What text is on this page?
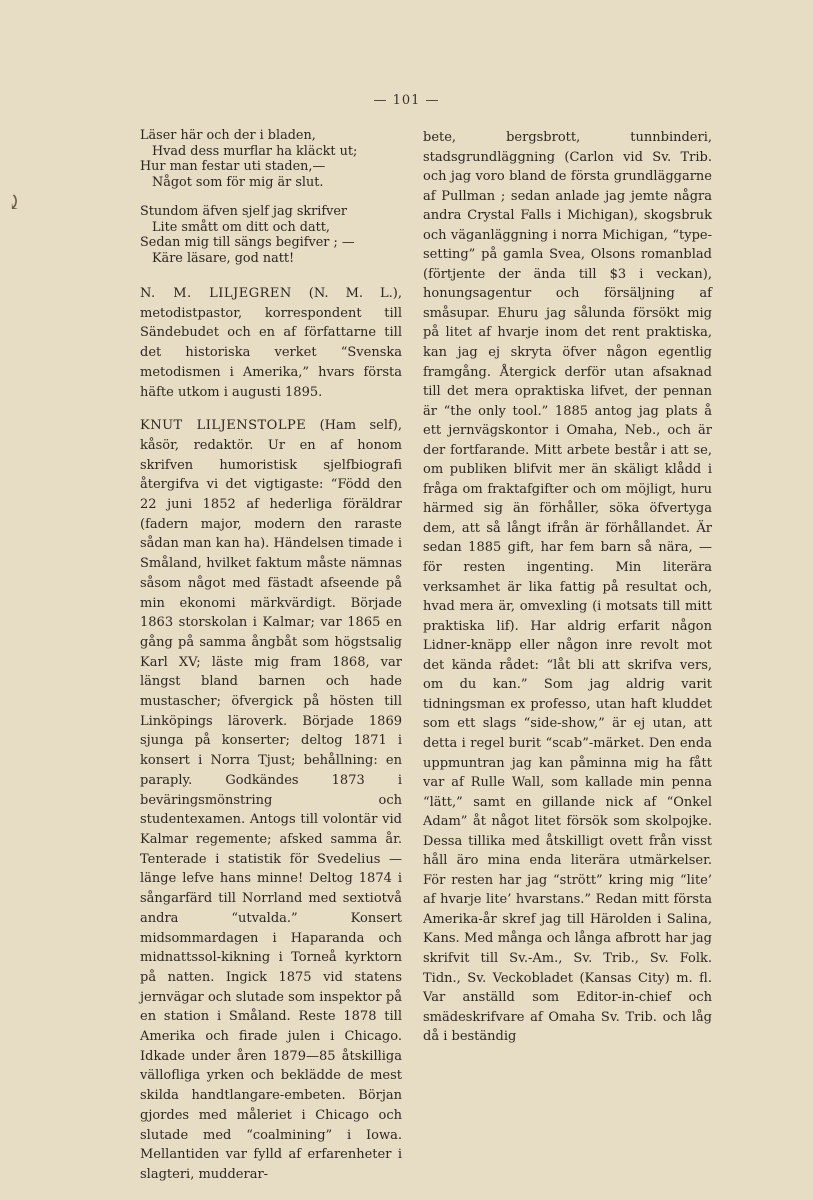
⤸
— 101 —
Läser här och der i bladen,
Hvad dess murflar ha kläckt ut;
Hur man festar uti staden,—
Något som för mig är slut.
Stundom äfven sjelf jag skrifver
Lite smått om ditt och datt,
Sedan mig till sängs begifver ; —
Käre läsare, god natt!

N. M. LILJEGREN (N. M. L.), metodistpastor, korrespondent till Sändebudet och en af författarne till det historiska verket “Svenska metodismen i Amerika,” hvars första häfte utkom i augusti 1895.

KNUT LILJENSTOLPE (Ham self), kåsör, redaktör. Ur en af honom skrifven humoristisk sjelfbiografi återgifva vi det vigtigaste: “Född den 22 juni 1852 af hederliga föräldrar (fadern major, modern den raraste sådan man kan ha). Händelsen timade i Småland, hvilket faktum måste nämnas såsom något med fästadt afseende på min ekonomi märkvärdigt. Började 1863 storskolan i Kalmar; var 1865 en gång på samma ångbåt som högstsalig Karl XV; läste mig fram 1868, var längst bland barnen och hade mustascher; öfvergick på hösten till Linköpings läroverk. Började 1869 sjunga på konserter; deltog 1871 i konsert i Norra Tjust; behållning: en paraply. Godkändes 1873 i beväringsmönstring och studentexamen. Antogs till volontär vid Kalmar regemente; afsked samma år. Tenterade i statistik för Svedelius — länge lefve hans minne! Deltog 1874 i sångarfärd till Norrland med sextiotvå andra “utvalda.” Konsert midsommardagen i Haparanda och midnattssol-kikning i Torneå kyrktorn på natten. Ingick 1875 vid statens jernvägar och slutade som inspektor på en station i Småland. Reste 1878 till Amerika och firade julen i Chicago. Idkade under åren 1879—85 åtskilliga vällofliga yrken och beklädde de mest skilda handtlangare-embeten. Början gjordes med måleriet i Chicago och slutade med “coalmining” i Iowa. Mellantiden var fylld af erfarenheter i slagteri, mudderar-

bete, bergsbrott, tunnbinderi, stadsgrundläggning (Carlon vid Sv. Trib. och jag voro bland de första grundläggarne af Pullman ; sedan anlade jag jemte några andra Crystal Falls i Michigan), skogsbruk och väganläggning i norra Michigan, “type-setting” på gamla Svea, Olsons romanblad (förtjente der ända till $3 i veckan), honungsagentur och försäljning af småsupar. Ehuru jag sålunda försökt mig på litet af hvarje inom det rent praktiska, kan jag ej skryta öfver någon egentlig framgång. Återgick derför utan afsaknad till det mera opraktiska lifvet, der pennan är “the only tool.” 1885 antog jag plats å ett jernvägskontor i Omaha, Neb., och är der fortfarande. Mitt arbete består i att se, om publiken blifvit mer än skäligt klådd i fråga om fraktafgifter och om möjligt, huru härmed sig än förhåller, söka öfvertyga dem, att så långt ifrån är förhållandet. Är sedan 1885 gift, har fem barn så nära, — för resten ingenting. Min literära verksamhet är lika fattig på resultat och, hvad mera är, omvexling (i motsats till mitt praktiska lif). Har aldrig erfarit någon Lidner-knäpp eller någon inre revolt mot det kända rådet: “låt bli att skrifva vers, om du kan.” Som jag aldrig varit tidningsman ex professo, utan haft kluddet som ett slags “side-show,” är ej utan, att detta i regel burit “scab”-märket. Den enda uppmuntran jag kan påminna mig ha fått var af Rulle Wall, som kallade min penna “lätt,” samt en gillande nick af “Onkel Adam” åt något litet försök som skolpojke. Dessa tillika med åtskilligt ovett från visst håll äro mina enda literära utmärkelser. För resten har jag “strött” kring mig “lite’ af hvarje lite’ hvarstans.” Redan mitt första Amerika-år skref jag till Härolden i Salina, Kans. Med många och långa afbrott har jag skrifvit till Sv.-Am., Sv. Trib., Sv. Folk. Tidn., Sv. Veckobladet (Kansas City) m. fl. Var anställd som Editor-in-chief och smädeskrifvare af Omaha Sv. Trib. och låg då i beständig
